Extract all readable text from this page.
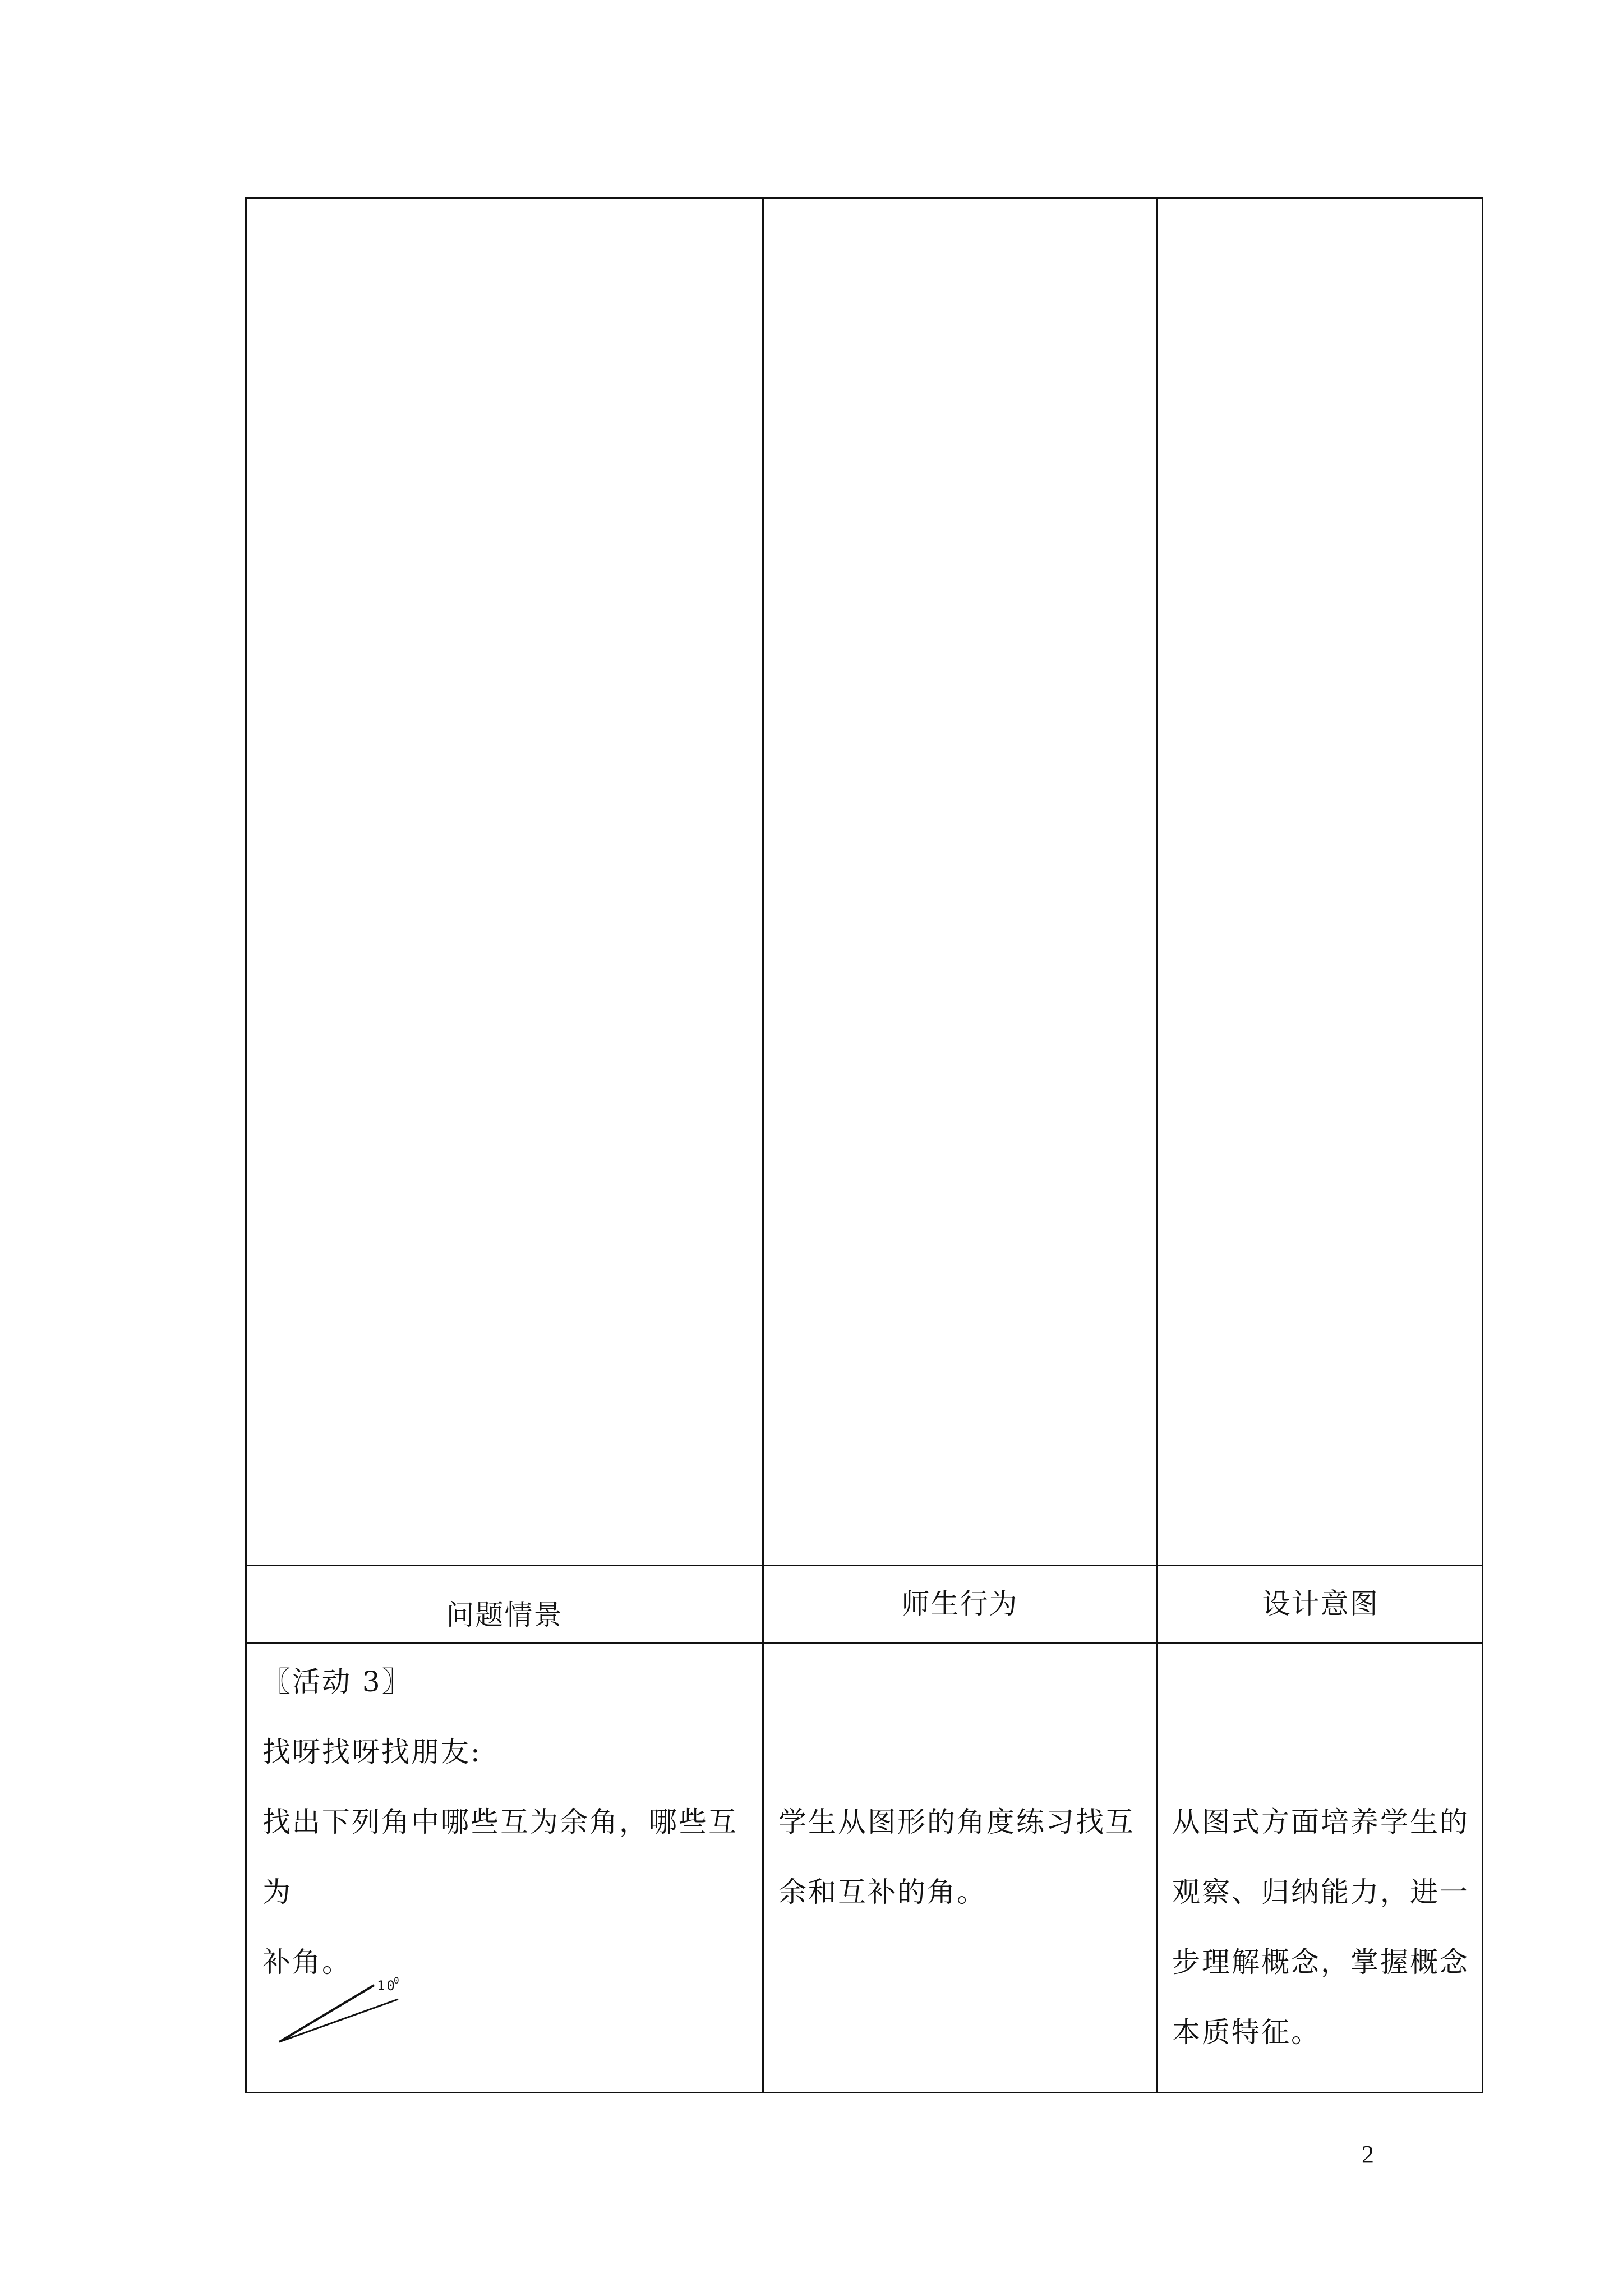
问题情景	师生行为	设计意图

〖活动 3〗

找呀找呀找朋友:

找出下列角中哪些互为余角，哪些互为

补角。

10
0

学生从图形的角度练习找互

余和互补的角。

从图式方面培养学生的

观察、归纳能力，进一

步理解概念，掌握概念

本质特征。

2
